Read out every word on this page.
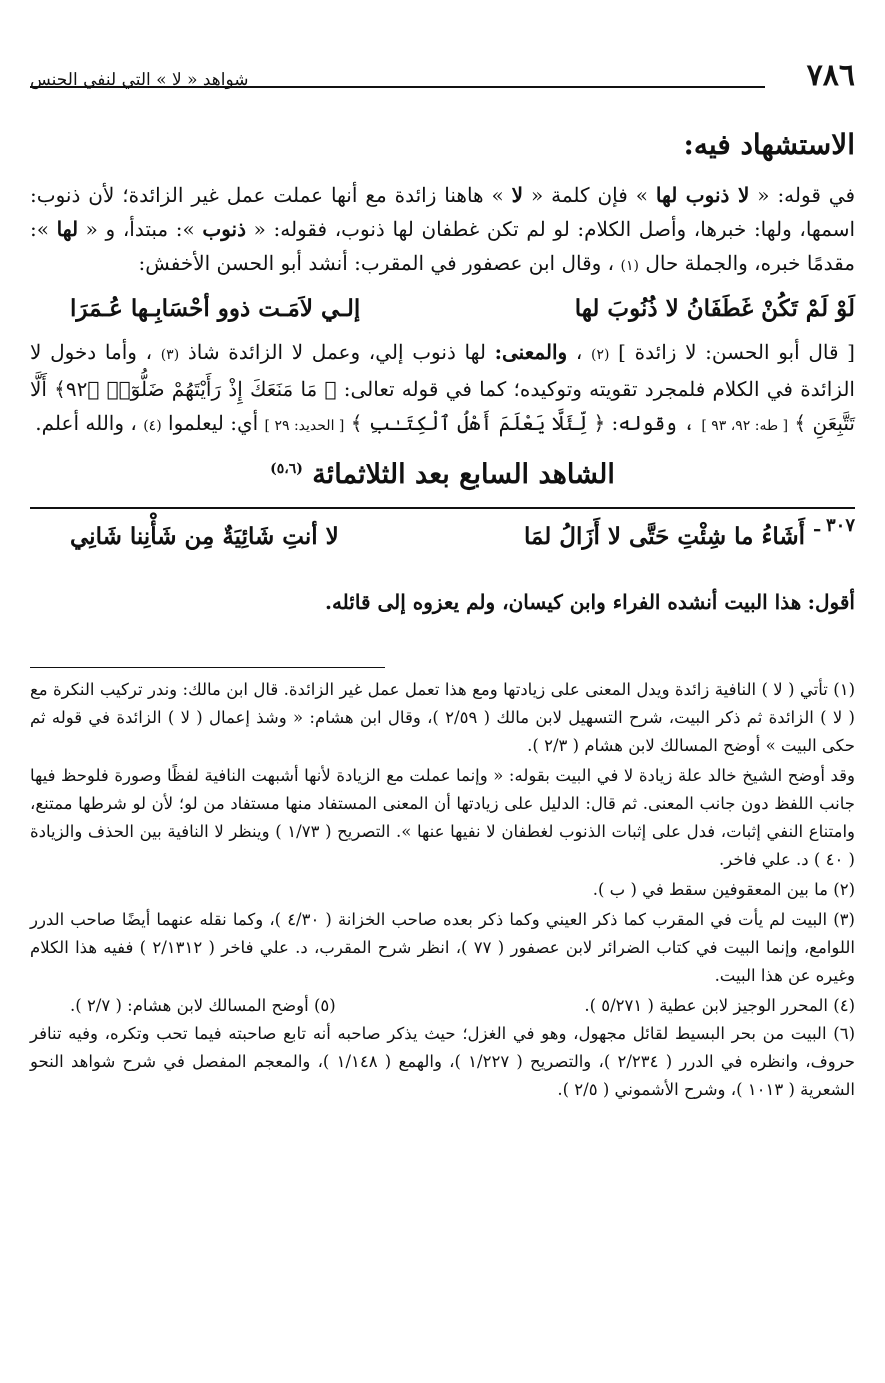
٧٨٦
شواهد « لا » التي لنفي الجنس
الاستشهاد فيه:

في قوله: « لا ذنوب لها » فإن كلمة « لا » هاهنا زائدة مع أنها عملت عمل غير الزائدة؛ لأن ذنوب: اسمها، ولها: خبرها، وأصل الكلام: لو لم تكن غطفان لها ذنوب، فقوله: « ذنوب »: مبتدأ، و « لها »: مقدمًا خبره، والجملة حال (١) ، وقال ابن عصفور في المقرب: أنشد أبو الحسن الأخفش:

لَوْ لَمْ تَكُنْ غَطَفَانُ لا ذُنُوبَ لها
إلـي لاَمَـت ذوو أحْسَابِـها عُـمَرَا

[ قال أبو الحسن: لا زائدة ] (٢) ، والمعنى: لها ذنوب إلي، وعمل لا الزائدة شاذ (٣) ، وأما دخول لا الزائدة في الكلام فلمجرد تقويته وتوكيده؛ كما في قوله تعالى: ﴿ مَا مَنَعَكَ إِذْ رَأَيْتَهُمْ ضَلُّوٓا۟ ﴿٩٢﴾ أَلَّا تَتَّبِعَنِ ﴾ [ طه: ٩٢، ٩٣ ] ، وقوله: ﴿ لِّئَلَّا يَعْلَمَ أَهْلُ ٱلْكِتَـٰبِ ﴾ [ الحديد: ٢٩ ] أي: ليعلموا (٤) ، والله أعلم.

الشاهد السابع بعد الثلاثمائة $^{(٥،٦)}$
٣٠٧ ـ
أَشَاءُ ما شِئْتِ حَتَّى لا أَزَالُ لمَا
لا أنتِ شَائِيَةٌ مِن شَأْنِنا شَانِي
أقول: هذا البيت أنشده الفراء وابن كيسان، ولم يعزوه إلى قائله.

(١) تأتي ( لا ) النافية زائدة ويدل المعنى على زيادتها ومع هذا تعمل عمل غير الزائدة. قال ابن مالك: وندر تركيب النكرة مع ( لا ) الزائدة ثم ذكر البيت، شرح التسهيل لابن مالك ( ٢/٥٩ )، وقال ابن هشام: « وشذ إعمال ( لا ) الزائدة في قوله ثم حكى البيت » أوضح المسالك لابن هشام ( ٢/٣ ).

وقد أوضح الشيخ خالد علة زيادة لا في البيت بقوله: « وإنما عملت مع الزيادة لأنها أشبهت النافية لفظًا وصورة فلوحظ فيها جانب اللفظ دون جانب المعنى. ثم قال: الدليل على زيادتها أن المعنى المستفاد منها مستفاد من لو؛ لأن لو شرطها ممتنع، وامتناع النفي إثبات، فدل على إثبات الذنوب لغطفان لا نفيها عنها ». التصريح ( ١/٧٣ ) وينظر لا النافية بين الحذف والزيادة ( ٤٠ ) د. علي فاخر.

(٢) ما بين المعقوفين سقط في ( ب ).

(٣) البيت لم يأت في المقرب كما ذكر العيني وكما ذكر بعده صاحب الخزانة ( ٤/٣٠ )، وكما نقله عنهما أيضًا صاحب الدرر اللوامع، وإنما البيت في كتاب الضرائر لابن عصفور ( ٧٧ )، انظر شرح المقرب، د. علي فاخر ( ٢/١٣١٢ ) ففيه هذا الكلام وغيره عن هذا البيت.

(٤) المحرر الوجيز لابن عطية ( ٥/٢٧١ ).
(٥) أوضح المسالك لابن هشام: ( ٢/٧ ).

(٦) البيت من بحر البسيط لقائل مجهول، وهو في الغزل؛ حيث يذكر صاحبه أنه تابع صاحبته فيما تحب وتكره، وفيه تنافر حروف، وانظره في الدرر ( ٢/٢٣٤ )، والتصريح ( ١/٢٢٧ )، والهمع ( ١/١٤٨ )، والمعجم المفصل في شرح شواهد النحو الشعرية ( ١٠١٣ )، وشرح الأشموني ( ٢/٥ ).
